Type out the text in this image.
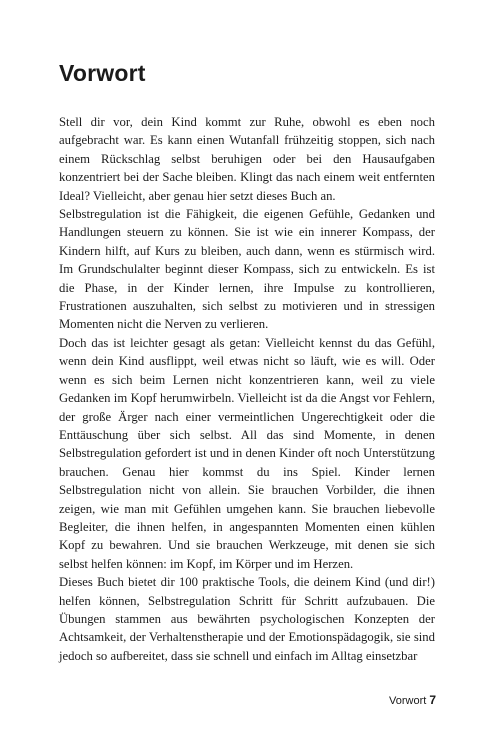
Vorwort

Stell dir vor, dein Kind kommt zur Ruhe, obwohl es eben noch aufgebracht war. Es kann einen Wutanfall frühzeitig stoppen, sich nach einem Rückschlag selbst beruhigen oder bei den Hausaufgaben konzentriert bei der Sache bleiben. Klingt das nach einem weit entfernten Ideal? Vielleicht, aber genau hier setzt dieses Buch an.

Selbstregulation ist die Fähigkeit, die eigenen Gefühle, Gedanken und Handlungen steuern zu können. Sie ist wie ein innerer Kompass, der Kindern hilft, auf Kurs zu bleiben, auch dann, wenn es stürmisch wird. Im Grundschulalter beginnt dieser Kompass, sich zu entwickeln. Es ist die Phase, in der Kinder lernen, ihre Impulse zu kontrollieren, Frustrationen auszuhalten, sich selbst zu motivieren und in stressigen Momenten nicht die Nerven zu verlieren.

Doch das ist leichter gesagt als getan: Vielleicht kennst du das Gefühl, wenn dein Kind ausflippt, weil etwas nicht so läuft, wie es will. Oder wenn es sich beim Lernen nicht konzentrieren kann, weil zu viele Gedanken im Kopf herumwirbeln. Vielleicht ist da die Angst vor Fehlern, der große Ärger nach einer vermeintlichen Ungerechtigkeit oder die Enttäuschung über sich selbst. All das sind Momente, in denen Selbstregulation gefordert ist und in denen Kinder oft noch Unterstützung brauchen. Genau hier kommst du ins Spiel. Kinder lernen Selbstregulation nicht von allein. Sie brauchen Vorbilder, die ihnen zeigen, wie man mit Gefühlen umgehen kann. Sie brauchen liebevolle Begleiter, die ihnen helfen, in angespannten Momenten einen kühlen Kopf zu bewahren. Und sie brauchen Werkzeuge, mit denen sie sich selbst helfen können: im Kopf, im Körper und im Herzen.

Dieses Buch bietet dir 100 praktische Tools, die deinem Kind (und dir!) helfen können, Selbstregulation Schritt für Schritt aufzubauen. Die Übungen stammen aus bewährten psychologischen Konzepten der Achtsamkeit, der Verhaltenstherapie und der Emotionspädagogik, sie sind jedoch so aufbereitet, dass sie schnell und einfach im Alltag einsetzbar

Vorwort 7
